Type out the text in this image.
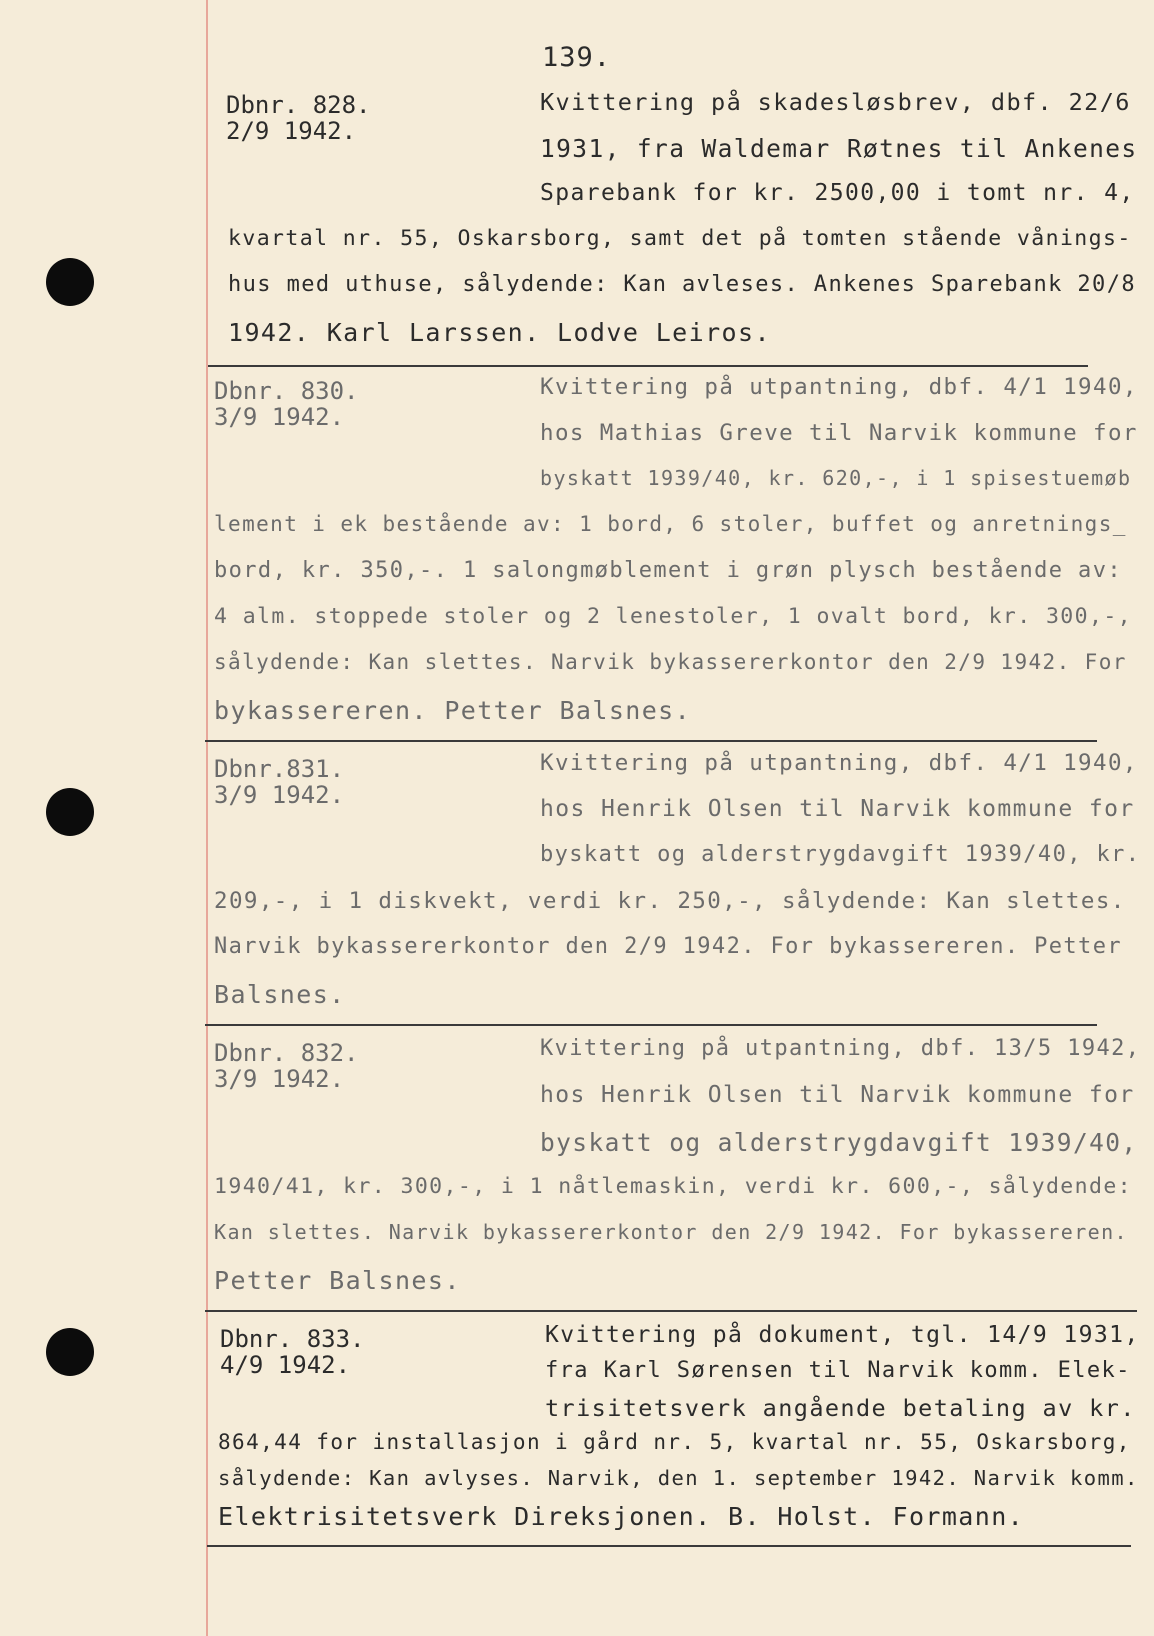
139.
Dbnr. 828.
2/9 1942.
Kvittering på skadesløsbrev, dbf. 22/6
1931, fra Waldemar Røtnes til Ankenes
Sparebank for kr. 2500,00 i tomt nr. 4,
kvartal nr. 55, Oskarsborg, samt det på tomten stående vånings-
hus med uthuse, sålydende: Kan avleses. Ankenes Sparebank 20/8
1942. Karl Larssen. Lodve Leiros.
Dbnr. 830.
3/9 1942.
Kvittering på utpantning, dbf. 4/1 1940,
hos Mathias Greve til Narvik kommune for
byskatt 1939/40, kr. 620,-, i 1 spisestuemøb
lement i ek bestående av: 1 bord, 6 stoler, buffet og anretnings_
bord, kr. 350,-. 1 salongmøblement i grøn plysch bestående av:
4 alm. stoppede stoler og 2 lenestoler, 1 ovalt bord, kr. 300,-,
sålydende: Kan slettes. Narvik bykassererkontor den 2/9 1942. For
bykassereren. Petter Balsnes.
Dbnr.831.
3/9 1942.
Kvittering på utpantning, dbf. 4/1 1940,
hos Henrik Olsen til Narvik kommune for
byskatt og alderstrygdavgift 1939/40, kr.
209,-, i 1 diskvekt, verdi kr. 250,-, sålydende: Kan slettes.
Narvik bykassererkontor den 2/9 1942. For bykassereren. Petter
Balsnes.
Dbnr. 832.
3/9 1942.
Kvittering på utpantning, dbf. 13/5 1942,
hos Henrik Olsen til Narvik kommune for
byskatt og alderstrygdavgift 1939/40,
1940/41, kr. 300,-, i 1 nåtlemaskin, verdi kr. 600,-, sålydende:
Kan slettes. Narvik bykassererkontor den 2/9 1942. For bykassereren.
Petter Balsnes.
Dbnr. 833.
4/9 1942.
Kvittering på dokument, tgl. 14/9 1931,
fra Karl Sørensen til Narvik komm. Elek-
trisitetsverk angående betaling av kr.
864,44 for installasjon i gård nr. 5, kvartal nr. 55, Oskarsborg,
sålydende: Kan avlyses. Narvik, den 1. september 1942. Narvik komm.
Elektrisitetsverk Direksjonen. B. Holst. Formann.
